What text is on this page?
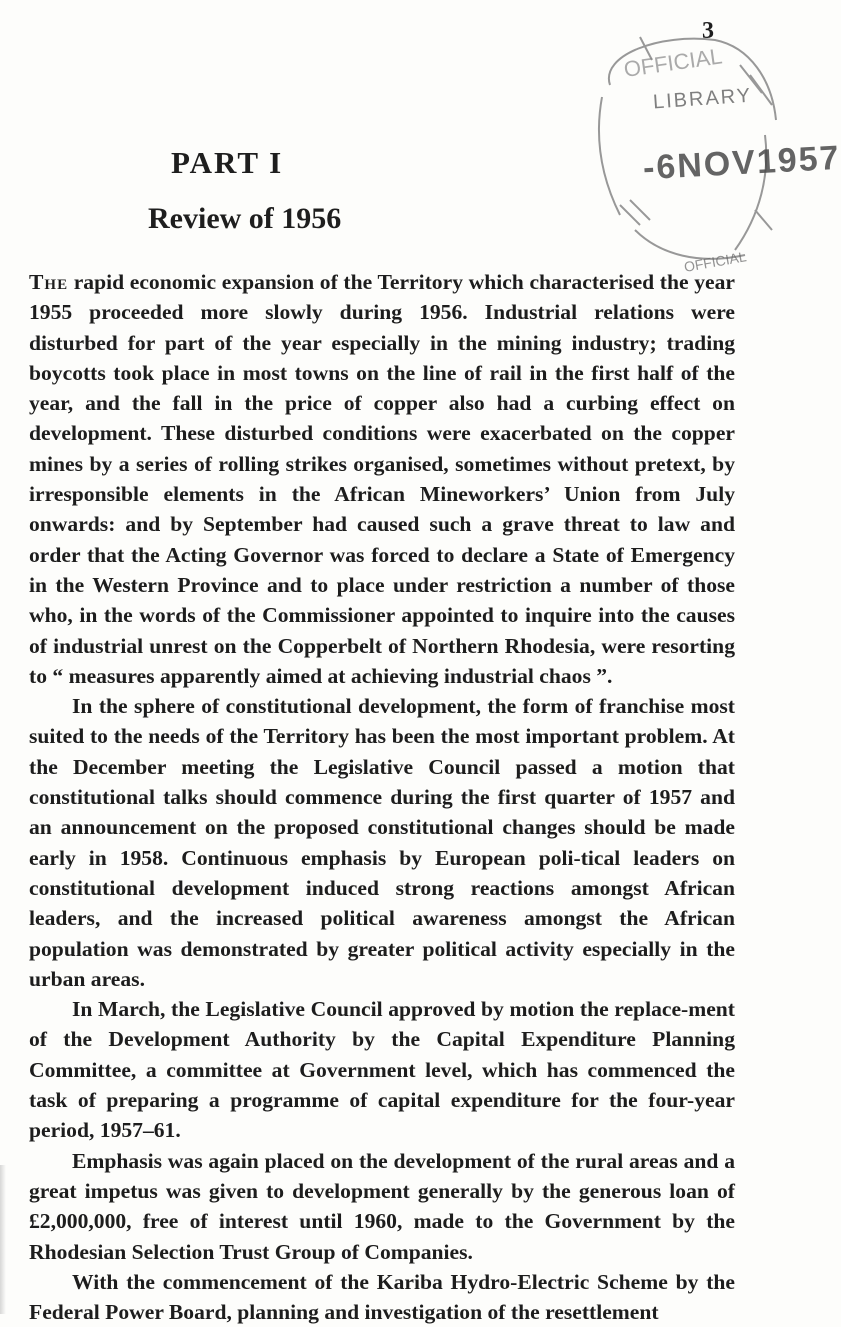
3
OFFICIAL
OFFICIAL
LIBRARY
-6NOV1957
PART I
Review of 1956

The rapid economic expansion of the Territory which characterised the year 1955 proceeded more slowly during 1956. Industrial relations were disturbed for part of the year especially in the mining industry; trading boycotts took place in most towns on the line of rail in the first half of the year, and the fall in the price of copper also had a curbing effect on development. These disturbed conditions were exacerbated on the copper mines by a series of rolling strikes organised, sometimes without pretext, by irresponsible elements in the African Mineworkers’ Union from July onwards: and by September had caused such a grave threat to law and order that the Acting Governor was forced to declare a State of Emergency in the Western Province and to place under restriction a number of those who, in the words of the Commissioner appointed to inquire into the causes of industrial unrest on the Copperbelt of Northern Rhodesia, were resorting to “ measures apparently aimed at achieving industrial chaos ”.

In the sphere of constitutional development, the form of franchise most suited to the needs of the Territory has been the most important problem. At the December meeting the Legislative Council passed a motion that constitutional talks should commence during the first quarter of 1957 and an announcement on the proposed constitutional changes should be made early in 1958. Continuous emphasis by European poli-tical leaders on constitutional development induced strong reactions amongst African leaders, and the increased political awareness amongst the African population was demonstrated by greater political activity especially in the urban areas.

In March, the Legislative Council approved by motion the replace-ment of the Development Authority by the Capital Expenditure Planning Committee, a committee at Government level, which has commenced the task of preparing a programme of capital expenditure for the four-year period, 1957–61.

Emphasis was again placed on the development of the rural areas and a great impetus was given to development generally by the generous loan of £2,000,000, free of interest until 1960, made to the Government by the Rhodesian Selection Trust Group of Companies.

With the commencement of the Kariba Hydro-Electric Scheme by the Federal Power Board, planning and investigation of the resettlement
